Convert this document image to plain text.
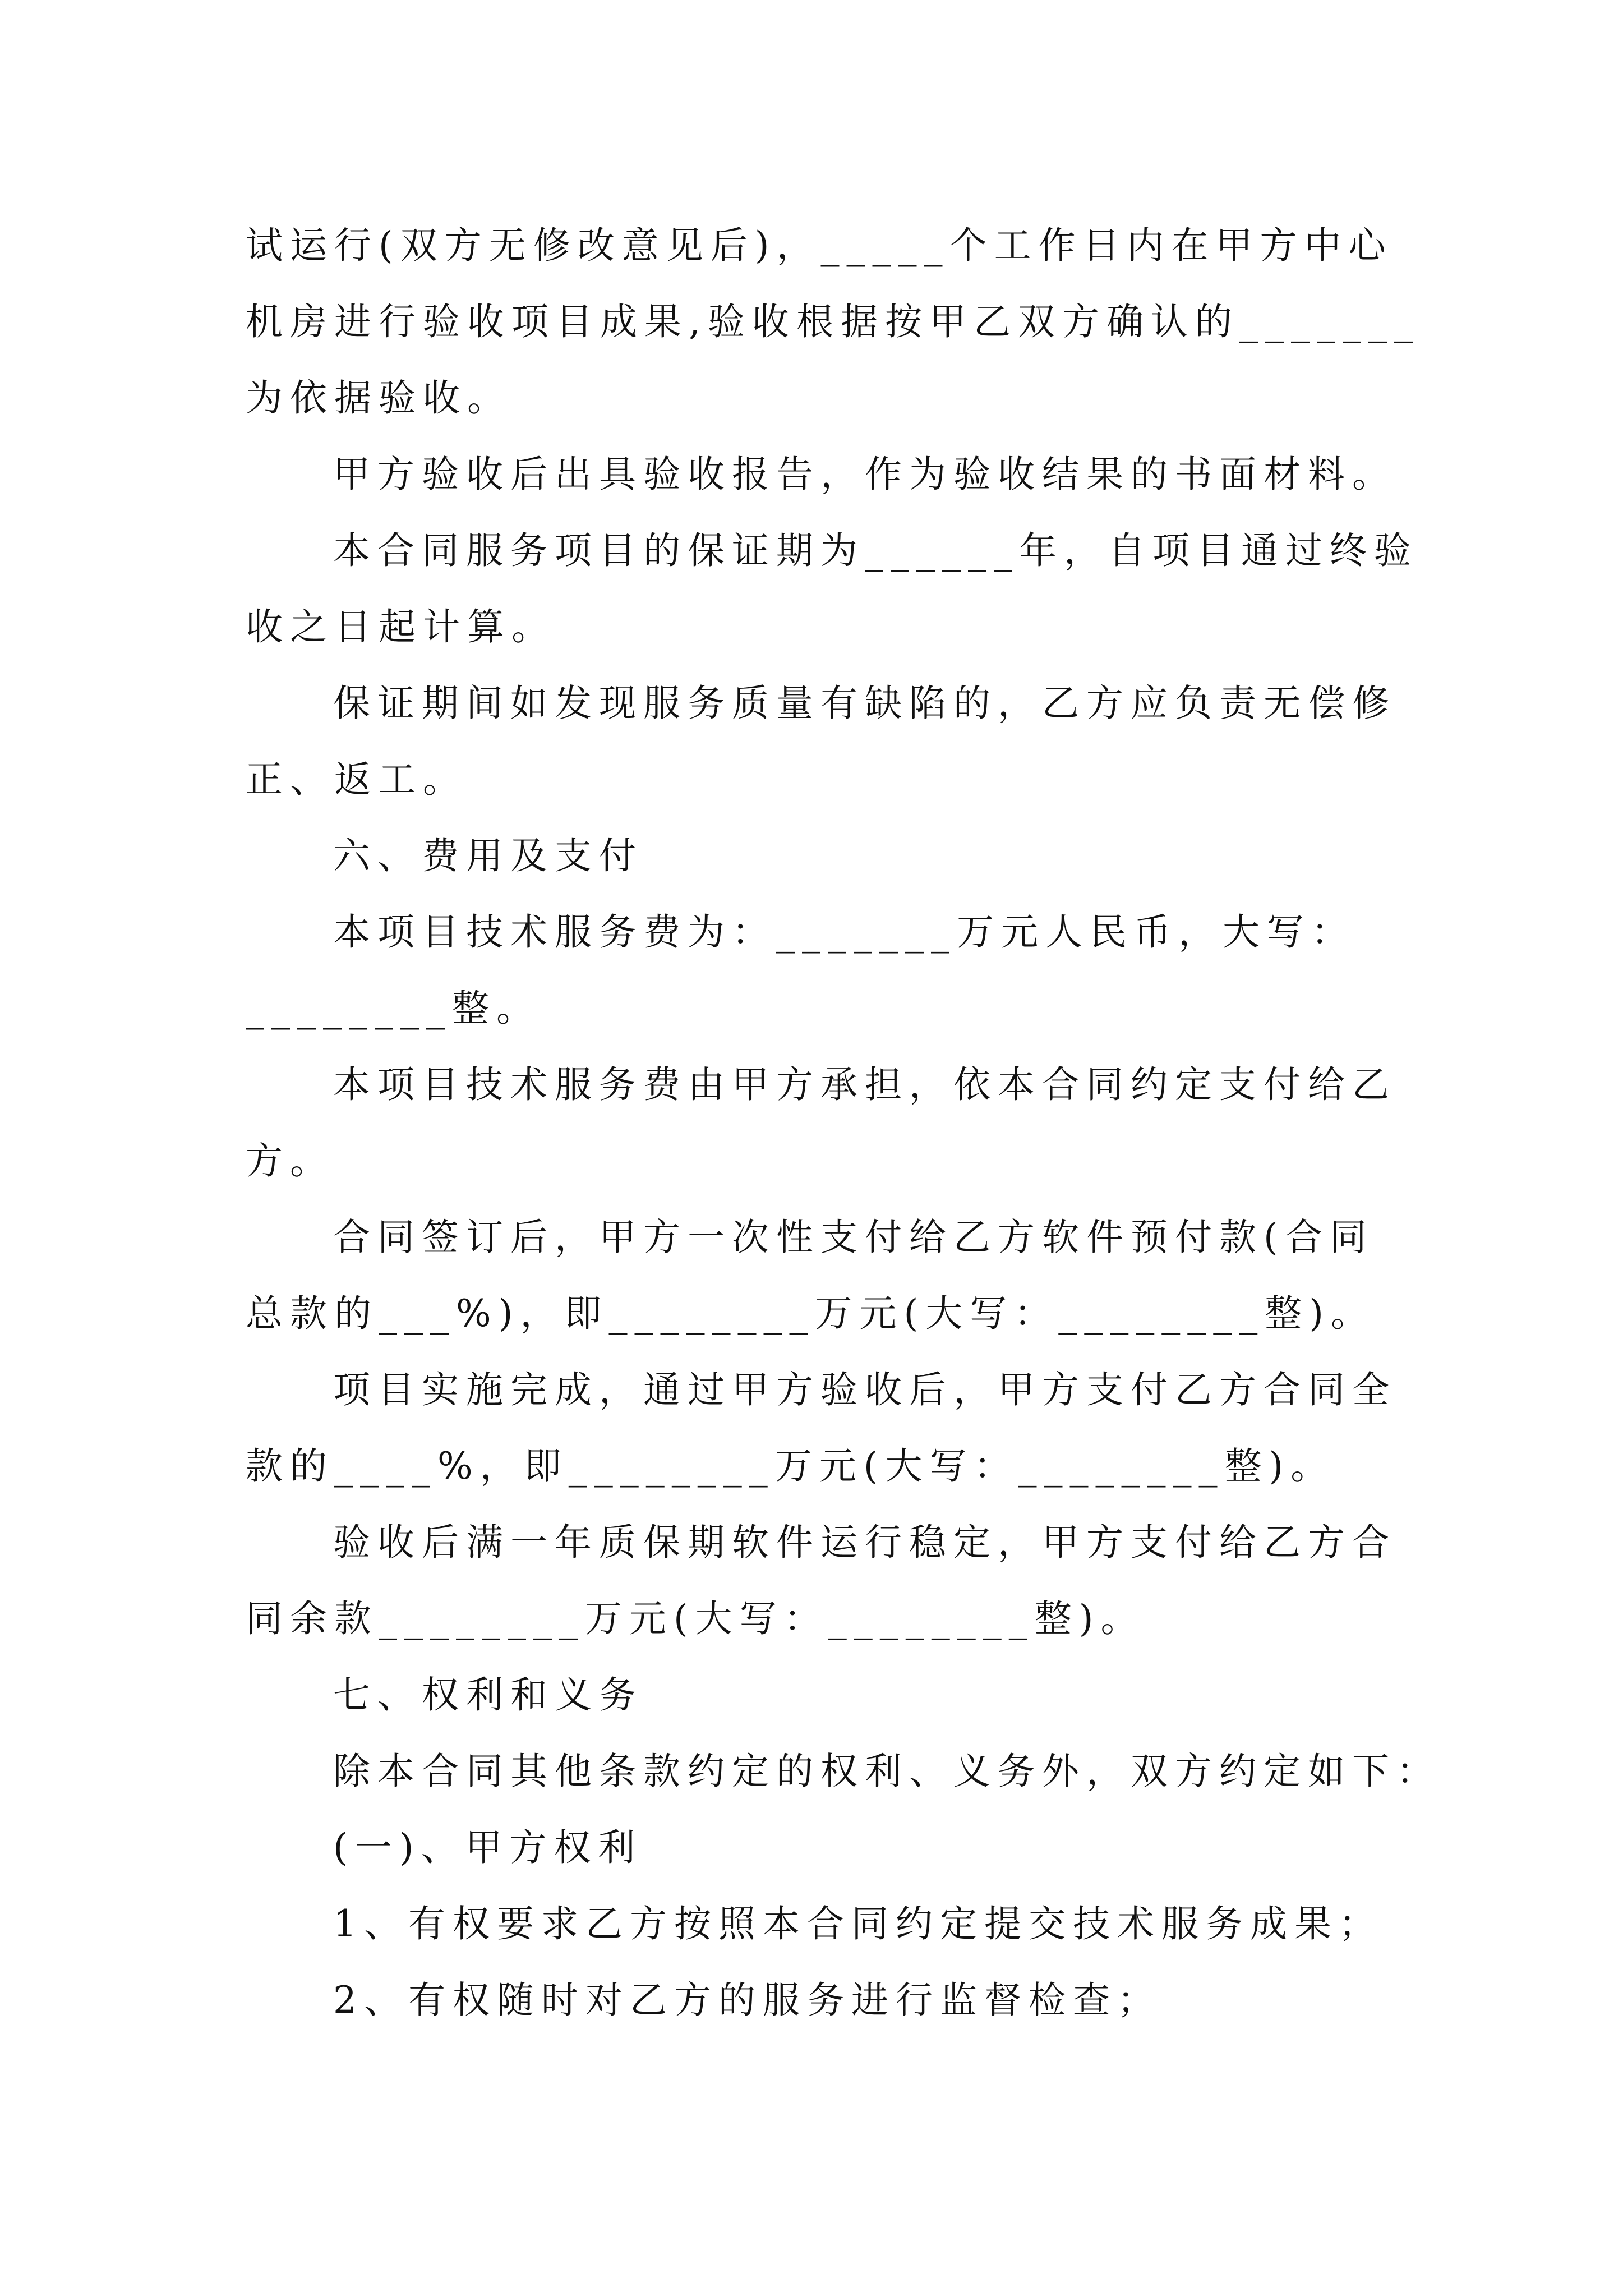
试运行(双方无修改意见后)，_____个工作日内在甲方中心
机房进行验收项目成果,验收根据按甲乙双方确认的_______
为依据验收。
甲方验收后出具验收报告，作为验收结果的书面材料。
本合同服务项目的保证期为______年，自项目通过终验
收之日起计算。
保证期间如发现服务质量有缺陷的，乙方应负责无偿修
正、返工。
六、费用及支付
本项目技术服务费为：_______万元人民币，大写：
________整。
本项目技术服务费由甲方承担，依本合同约定支付给乙
方。
合同签订后，甲方一次性支付给乙方软件预付款(合同
总款的___%)，即________万元(大写：________整)。
项目实施完成，通过甲方验收后，甲方支付乙方合同全
款的____%，即________万元(大写：________整)。
验收后满一年质保期软件运行稳定，甲方支付给乙方合
同余款________万元(大写：________整)。
七、权利和义务
除本合同其他条款约定的权利、义务外，双方约定如下：
(一)、甲方权利
1、有权要求乙方按照本合同约定提交技术服务成果；
2、有权随时对乙方的服务进行监督检查；
